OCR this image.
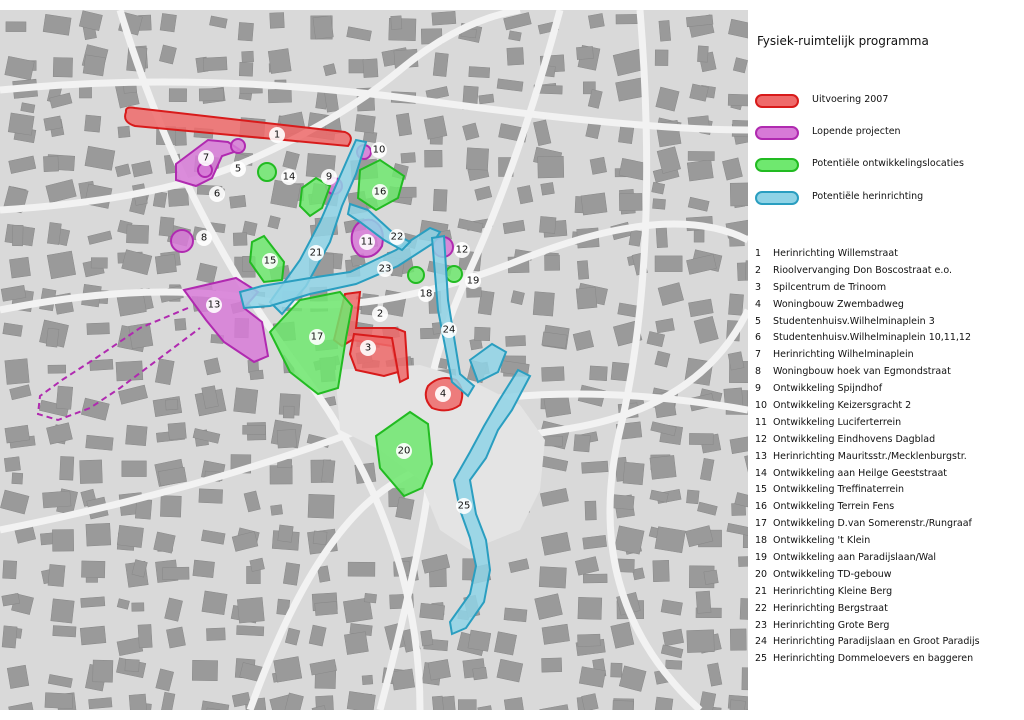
1
2
3
4
5
6
7
8
9
10
11
12
13
14
15
16
17
18
19
20
21
22
23
24
25
Fysiek-ruimtelijk programma
Uitvoering 2007
Lopende projecten
Potentiële ontwikkelingslocaties
Potentiële herinrichting
1	Herinrichting Willemstraat
2	Rioolvervanging Don Boscostraat e.o.
3	Spilcentrum de Trinoom
4	Woningbouw Zwembadweg
5	Studentenhuisv.Wilhelminaplein 3
6	Studentenhuisv.Wilhelminaplein 10,11,12
7	Herinrichting Wilhelminaplein
8	Woningbouw hoek van Egmondstraat
9	Ontwikkeling Spijndhof
10 Ontwikkeling Keizersgracht 2
11 Ontwikkeling Luciferterrein
12 Ontwikkeling Eindhovens Dagblad
13 Herinrichting Mauritsstr./Mecklenburgstr.
14 Ontwikkeling aan Heilge Geeststraat
15 Ontwikkeling Treffinaterrein
16 Ontwikkeling Terrein Fens
17 Ontwikkeling D.van Somerenstr./Rungraaf
18 Ontwikkeling 't Klein
19 Ontwikkeling aan Paradijslaan/Wal
20 Ontwikkeling TD-gebouw
21 Herinrichting Kleine Berg
22 Herinrichting Bergstraat
23 Herinrichting Grote Berg
24 Herinrichting Paradijslaan en Groot Paradijs
25 Herinrichting Dommeloevers en baggeren
